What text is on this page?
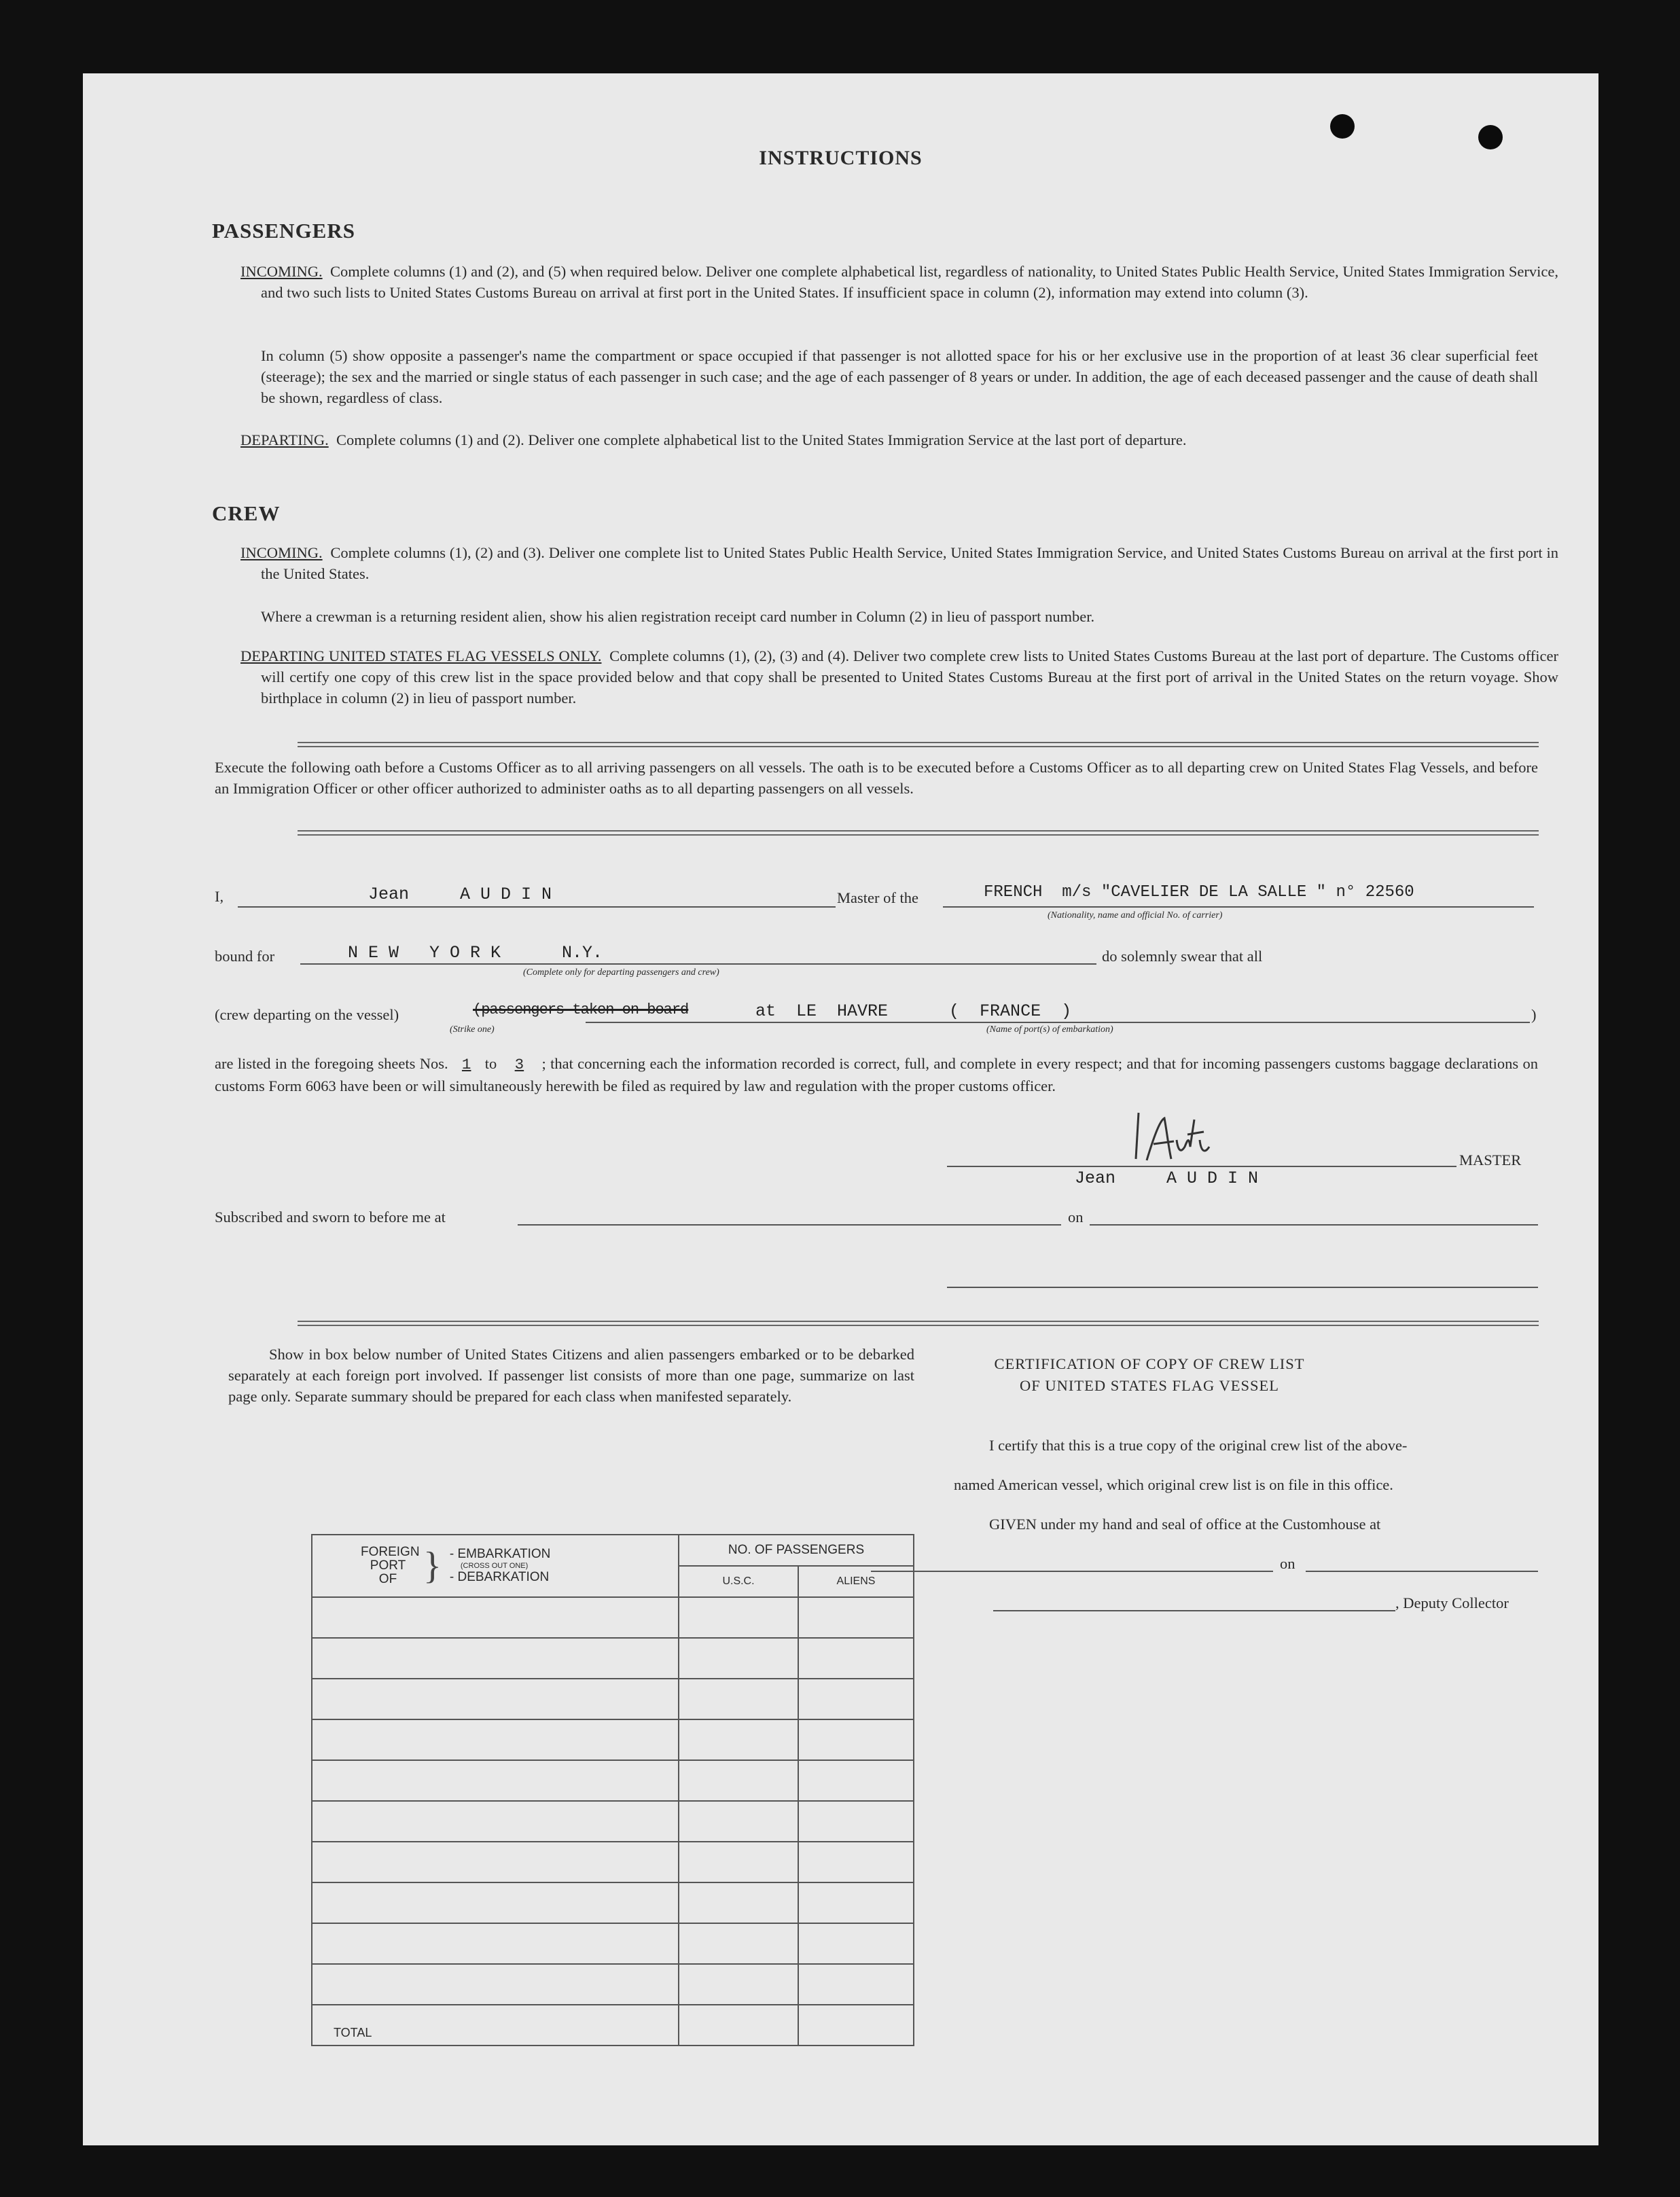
INSTRUCTIONS
PASSENGERS
INCOMING. Complete columns (1) and (2), and (5) when required below. Deliver one complete alphabetical list, regardless of nationality, to United States Public Health Service, United States Immigration Service, and two such lists to United States Customs Bureau on arrival at first port in the United States. If insufficient space in column (2), information may extend into column (3).
In column (5) show opposite a passenger's name the compartment or space occupied if that passenger is not allotted space for his or her exclusive use in the proportion of at least 36 clear superficial feet (steerage); the sex and the married or single status of each passenger in such case; and the age of each passenger of 8 years or under. In addition, the age of each deceased passenger and the cause of death shall be shown, regardless of class.
DEPARTING. Complete columns (1) and (2). Deliver one complete alphabetical list to the United States Immigration Service at the last port of departure.
CREW
INCOMING. Complete columns (1), (2) and (3). Deliver one complete list to United States Public Health Service, United States Immigration Service, and United States Customs Bureau on arrival at the first port in the United States.
Where a crewman is a returning resident alien, show his alien registration receipt card number in Column (2) in lieu of passport number.
DEPARTING UNITED STATES FLAG VESSELS ONLY. Complete columns (1), (2), (3) and (4). Deliver two complete crew lists to United States Customs Bureau at the last port of departure. The Customs officer will certify one copy of this crew list in the space provided below and that copy shall be presented to United States Customs Bureau at the first port of arrival in the United States on the return voyage. Show birthplace in column (2) in lieu of passport number.
Execute the following oath before a Customs Officer as to all arriving passengers on all vessels. The oath is to be executed before a Customs Officer as to all departing crew on United States Flag Vessels, and before an Immigration Officer or other officer authorized to administer oaths as to all departing passengers on all vessels.
I,	Jean     A U D I N	Master of the	FRENCH  m/s "CAVELIER DE LA SALLE " n° 22560
(Nationality, name and official No. of carrier)
bound for	N E W   Y O R K      N.Y.
(Complete only for departing passengers and crew)
do solemnly swear that all
(crew departing on the vessel)	(passengers taken on board	at  LE  HAVRE      (  FRANCE  )	)
(Strike one)	(Name of port(s) of embarkation)
are listed in the foregoing sheets Nos. 1 to 3 ; that concerning each the information recorded is correct, full, and complete in every respect; and that for incoming passengers customs baggage declarations on customs Form 6063 have been or will simultaneously herewith be filed as required by law and regulation with the proper customs officer.
MASTER
Jean     A U D I N
Subscribed and sworn to before me at	on
Show in box below number of United States Citizens and alien passengers embarked or to be debarked separately at each foreign port involved. If passenger list consists of more than one page, summarize on last page only. Separate summary should be prepared for each class when manifested separately.
FOREIGN PORT OF } - EMBARKATION
(CROSS OUT ONE)
- DEBARKATION	NO. OF PASSENGERS	
	U.S.C.	ALIENS

TOTAL		
CERTIFICATION OF COPY OF CREW LIST
OF UNITED STATES FLAG VESSEL
I certify that this is a true copy of the original crew list of the above-
named American vessel, which original crew list is on file in this office.
GIVEN under my hand and seal of office at the Customhouse at
on
, Deputy Collector
